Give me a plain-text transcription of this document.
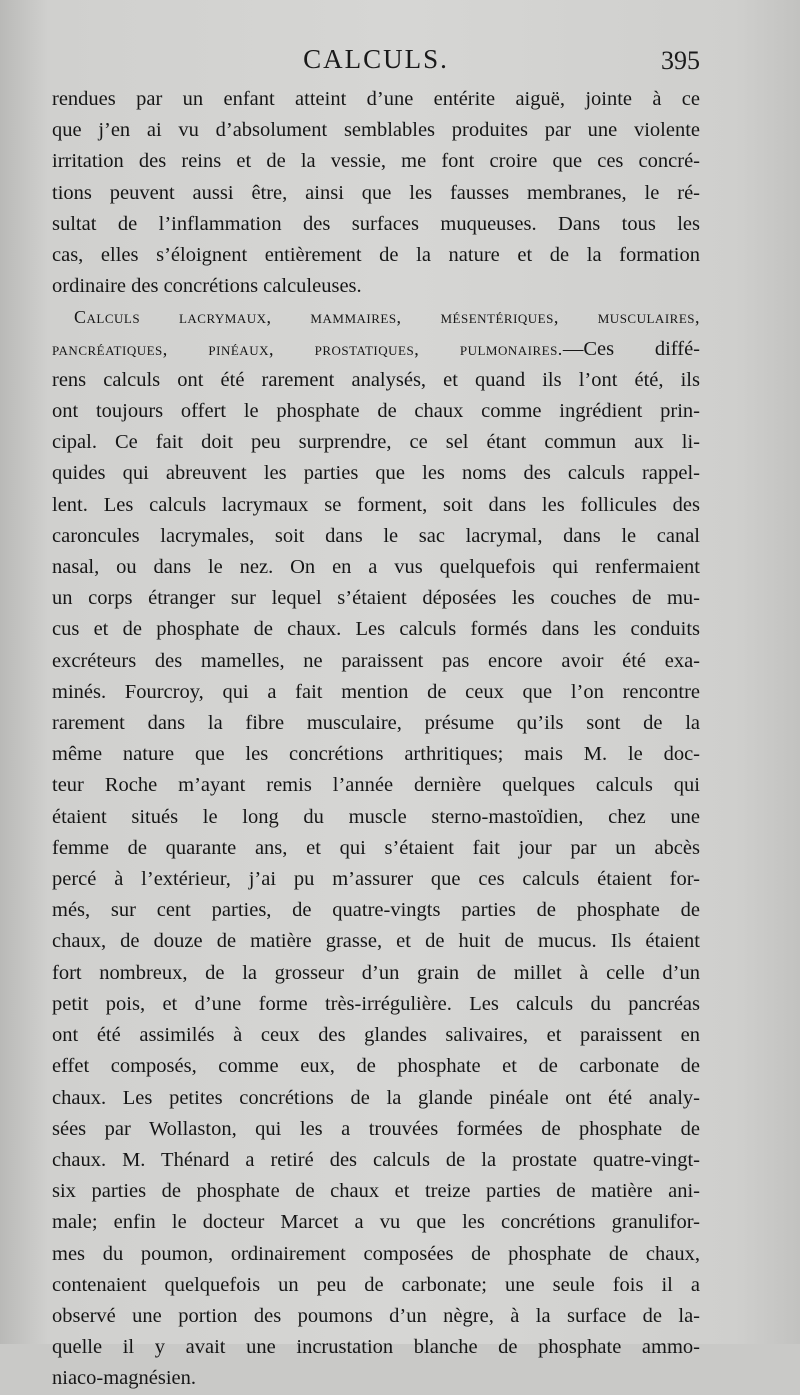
CALCULS.	395
rendues par un enfant atteint d’une entérite aiguë, jointe à ce
que j’en ai vu d’absolument semblables produites par une violente
irritation des reins et de la vessie, me font croire que ces concré-
tions peuvent aussi être, ainsi que les fausses membranes, le ré-
sultat de l’inflammation des surfaces muqueuses. Dans tous les
cas, elles s’éloignent entièrement de la nature et de la formation
ordinaire des concrétions calculeuses.
Calculs lacrymaux, mammaires, mésentériques, musculaires,
pancréatiques, pinéaux, prostatiques, pulmonaires.—Ces diffé-
rens calculs ont été rarement analysés, et quand ils l’ont été, ils
ont toujours offert le phosphate de chaux comme ingrédient prin-
cipal. Ce fait doit peu surprendre, ce sel étant commun aux li-
quides qui abreuvent les parties que les noms des calculs rappel-
lent. Les calculs lacrymaux se forment, soit dans les follicules des
caroncules lacrymales, soit dans le sac lacrymal, dans le canal
nasal, ou dans le nez. On en a vus quelquefois qui renfermaient
un corps étranger sur lequel s’étaient déposées les couches de mu-
cus et de phosphate de chaux. Les calculs formés dans les conduits
excréteurs des mamelles, ne paraissent pas encore avoir été exa-
minés. Fourcroy, qui a fait mention de ceux que l’on rencontre
rarement dans la fibre musculaire, présume qu’ils sont de la
même nature que les concrétions arthritiques; mais M. le doc-
teur Roche m’ayant remis l’année dernière quelques calculs qui
étaient situés le long du muscle sterno-mastoïdien, chez une
femme de quarante ans, et qui s’étaient fait jour par un abcès
percé à l’extérieur, j’ai pu m’assurer que ces calculs étaient for-
més, sur cent parties, de quatre-vingts parties de phosphate de
chaux, de douze de matière grasse, et de huit de mucus. Ils étaient
fort nombreux, de la grosseur d’un grain de millet à celle d’un
petit pois, et d’une forme très-irrégulière. Les calculs du pancréas
ont été assimilés à ceux des glandes salivaires, et paraissent en
effet composés, comme eux, de phosphate et de carbonate de
chaux. Les petites concrétions de la glande pinéale ont été analy-
sées par Wollaston, qui les a trouvées formées de phosphate de
chaux. M. Thénard a retiré des calculs de la prostate quatre-vingt-
six parties de phosphate de chaux et treize parties de matière ani-
male; enfin le docteur Marcet a vu que les concrétions granulifor-
mes du poumon, ordinairement composées de phosphate de chaux,
contenaient quelquefois un peu de carbonate; une seule fois il a
observé une portion des poumons d’un nègre, à la surface de la-
quelle il y avait une incrustation blanche de phosphate ammo-
niaco-magnésien.
